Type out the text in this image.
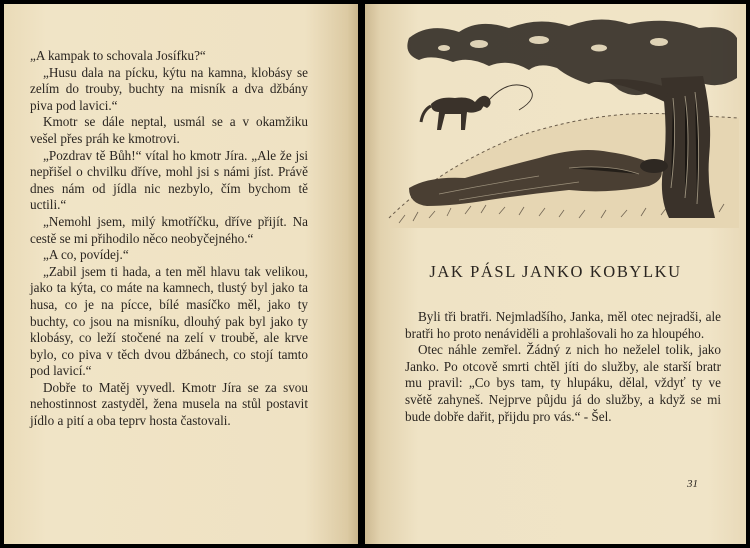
„A kampak to schovala Josífku?“

„Husu dala na pícku, kýtu na kamna, klobásy se zelím do trouby, buchty na misník a dva džbány piva pod lavici.“

Kmotr se dále neptal, usmál se a v okamžiku vešel přes práh ke kmotrovi.

„Pozdrav tě Bůh!“ vítal ho kmotr Jíra. „Ale že jsi nepřišel o chvilku dříve, mohl jsi s námi jíst. Právě dnes nám od jídla nic nezbylo, čím bychom tě uctili.“

„Nemohl jsem, milý kmotříčku, dříve přijít. Na cestě se mi přihodilo něco neobyčejného.“

„A co, povídej.“

„Zabil jsem ti hada, a ten měl hlavu tak velikou, jako ta kýta, co máte na kamnech, tlustý byl jako ta husa, co je na pícce, bílé masíčko měl, jako ty buchty, co jsou na misníku, dlouhý pak byl jako ty klobásy, co leží stočené na zelí v troubě, ale krve bylo, co piva v těch dvou džbánech, co stojí tamto pod lavicí.“

Dobře to Matěj vyvedl. Kmotr Jíra se za svou nehostinnost zastyděl, žena musela na stůl postavit jídlo a pití a oba teprv hosta častovali.

JAK PÁSL JANKO KOBYLKU

Byli tři bratři. Nejmladšího, Janka, měl otec nejradši, ale bratři ho proto nenáviděli a prohlašovali ho za hloupého.

Otec náhle zemřel. Žádný z nich ho neželel tolik, jako Janko. Po otcově smrti chtěl jíti do služby, ale starší bratr mu pravil: „Co bys tam, ty hlupáku, dělal, vždyť ty ve světě zahyneš. Nejprve půjdu já do služby, a když se mi bude dobře dařit, přijdu pro vás.“ - Šel.

31
